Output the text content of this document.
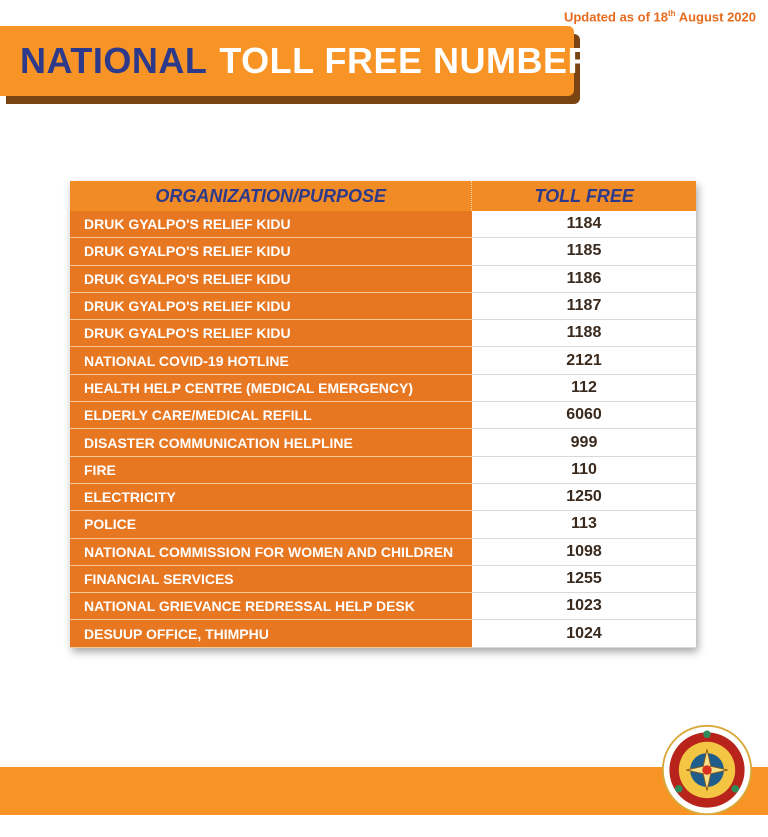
Updated as of 18th August 2020
NATIONAL TOLL FREE NUMBERS
ORGANIZATION/PURPOSE	TOLL FREE
DRUK GYALPO'S RELIEF KIDU	1184
DRUK GYALPO'S RELIEF KIDU	1185
DRUK GYALPO'S RELIEF KIDU	1186
DRUK GYALPO'S RELIEF KIDU	1187
DRUK GYALPO'S RELIEF KIDU	1188
NATIONAL COVID-19 HOTLINE	2121
HEALTH HELP CENTRE (MEDICAL EMERGENCY)	112
ELDERLY CARE/MEDICAL REFILL	6060
DISASTER COMMUNICATION HELPLINE	999
FIRE	110
ELECTRICITY	1250
POLICE	113
NATIONAL COMMISSION FOR WOMEN AND CHILDREN	1098
FINANCIAL SERVICES	1255
NATIONAL GRIEVANCE REDRESSAL HELP DESK	1023
DESUUP OFFICE, THIMPHU	1024
